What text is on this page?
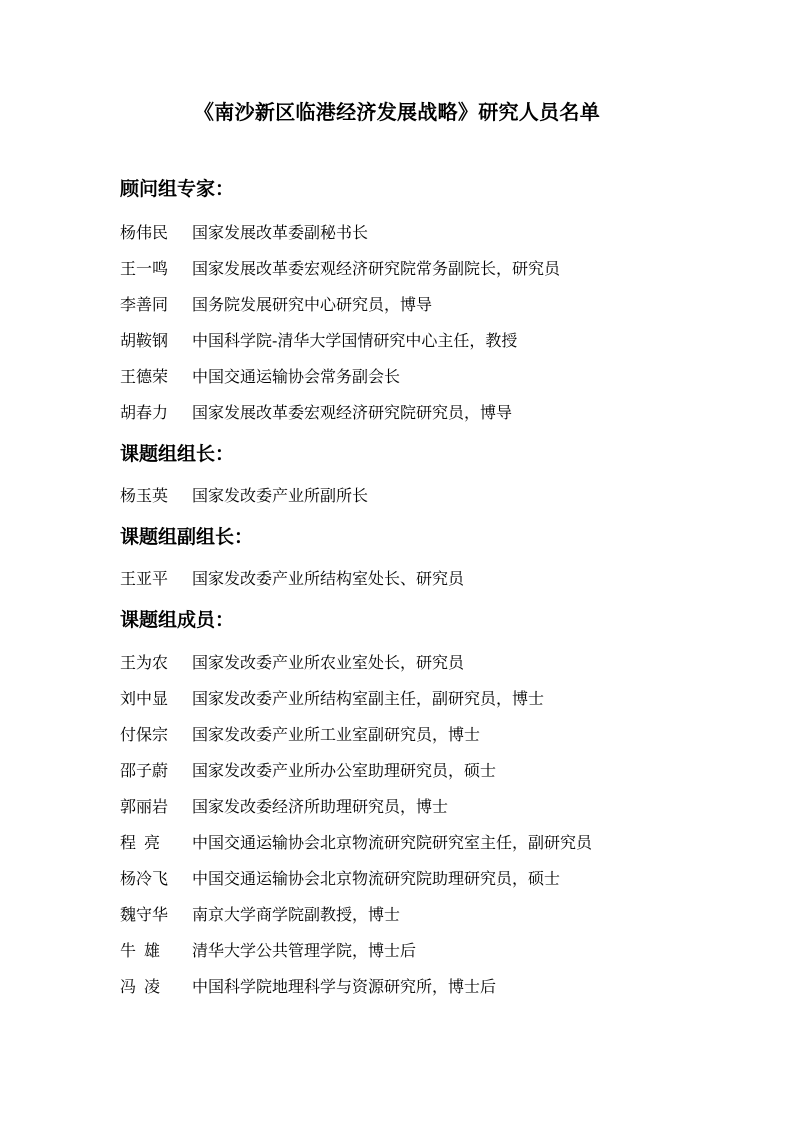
《南沙新区临港经济发展战略》研究人员名单
顾问组专家：
杨伟民 国家发展改革委副秘书长
王一鸣 国家发展改革委宏观经济研究院常务副院长，研究员
李善同 国务院发展研究中心研究员，博导
胡鞍钢 中国科学院-清华大学国情研究中心主任，教授
王德荣 中国交通运输协会常务副会长
胡春力 国家发展改革委宏观经济研究院研究员，博导
课题组组长：
杨玉英 国家发改委产业所副所长
课题组副组长：
王亚平 国家发改委产业所结构室处长、研究员
课题组成员：
王为农 国家发改委产业所农业室处长，研究员
刘中显 国家发改委产业所结构室副主任，副研究员，博士
付保宗 国家发改委产业所工业室副研究员，博士
邵子蔚 国家发改委产业所办公室助理研究员，硕士
郭丽岩 国家发改委经济所助理研究员，博士
程亮 中国交通运输协会北京物流研究院研究室主任，副研究员
杨冷飞 中国交通运输协会北京物流研究院助理研究员，硕士
魏守华 南京大学商学院副教授，博士
牛雄 清华大学公共管理学院，博士后
冯凌 中国科学院地理科学与资源研究所，博士后
